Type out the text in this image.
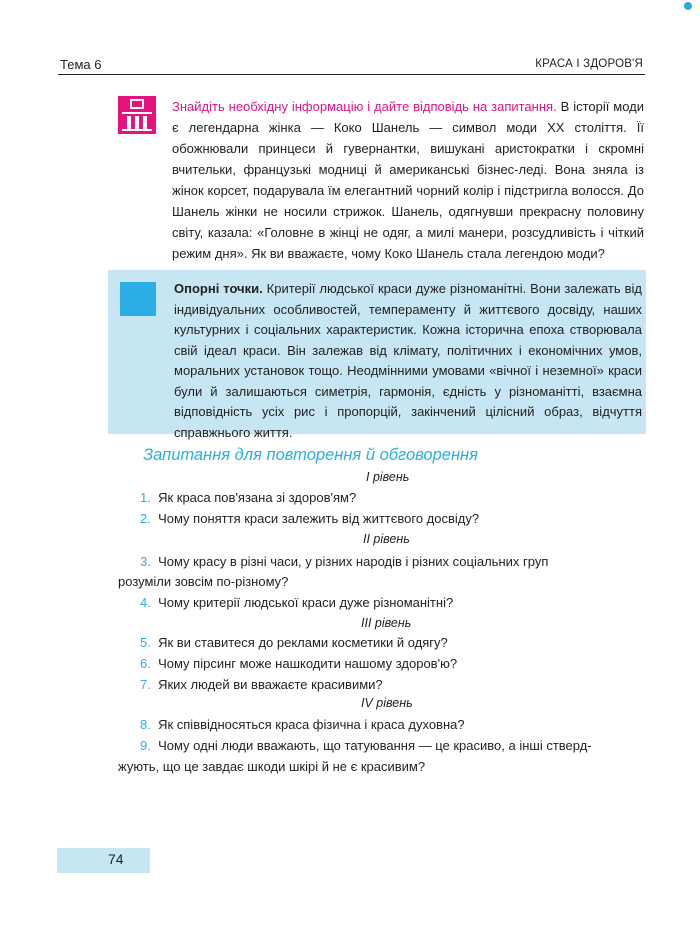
Тема 6	КРАСА І ЗДОРОВ'Я
Знайдіть необхідну інформацію і дайте відповідь на запитання. В історії моди є легендарна жінка — Коко Шанель — символ моди XX століття. Її обожнювали принцеси й гувернантки, вишукані аристократки і скромні вчительки, французькі модниці й американські бізнес-леді. Вона зняла із жінок корсет, подарувала їм елегантний чорний колір і підстригла волосся. До Шанель жінки не носили стрижок. Шанель, одягнувши прекрасну половину світу, казала: «Головне в жінці не одяг, а милі манери, розсудливість і чіткий режим дня». Як ви вважаєте, чому Коко Шанель стала легендою моди?
Опорні точки. Критерії людської краси дуже різноманітні. Вони залежать від індивідуальних особливостей, темпераменту й життєвого досвіду, наших культурних і соціальних характеристик. Кожна історична епоха створювала свій ідеал краси. Він залежав від клімату, політичних і економічних умов, моральних установок тощо. Неодмінними умовами «вічної і неземної» краси були й залишаються симетрія, гармонія, єдність у різноманітті, взаємна відповідність усіх рис і пропорцій, закінчений цілісний образ, відчуття справжнього життя.
Запитання для повторення й обговорення
І рівень
1. Як краса пов'язана зі здоров'ям?
2. Чому поняття краси залежить від життєвого досвіду?
ІІ рівень
3. Чому красу в різні часи, у різних народів і різних соціальних груп
розуміли зовсім по-різному?
4. Чому критерії людської краси дуже різноманітні?
ІІІ рівень
5. Як ви ставитеся до реклами косметики й одягу?
6. Чому пірсинг може нашкодити нашому здоров'ю?
7. Яких людей ви вважаєте красивими?
IV рівень
8. Як співвідносяться краса фізична і краса духовна?
9. Чому одні люди вважають, що татуювання — це красиво, а інші стверд-
жують, що це завдає шкоди шкірі й не є красивим?
74
